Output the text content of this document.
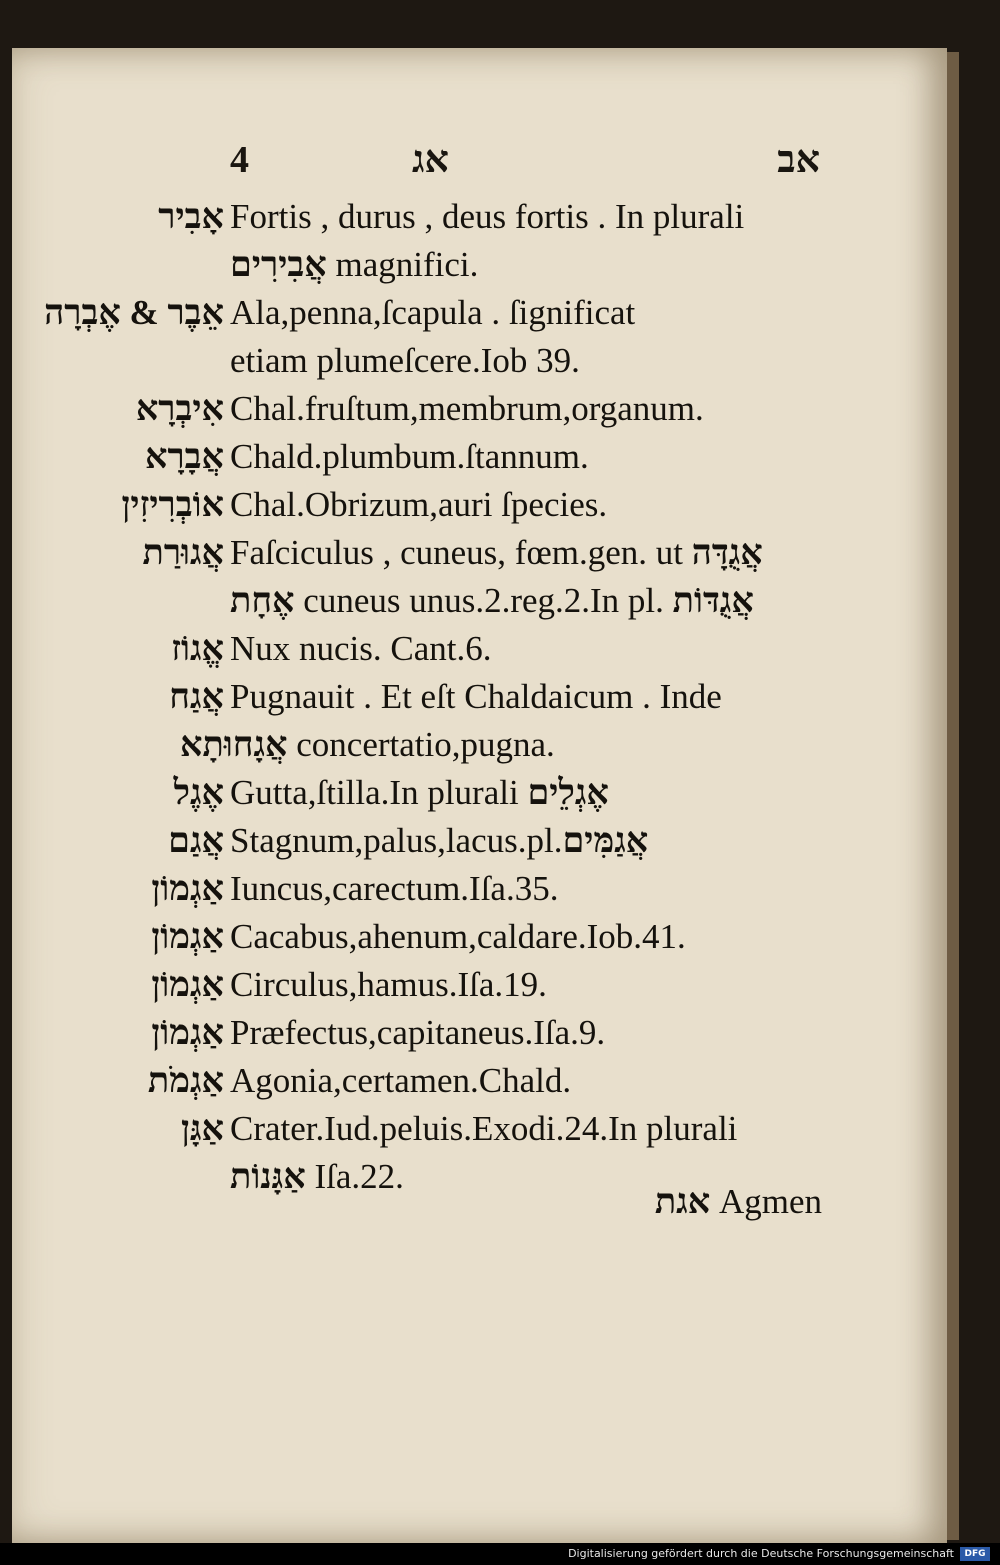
4	אג	אב
אָבִיר Fortis , durus , deus fortis . In plurali
אֲבִירִים magnifici.
אֵבֶר & אֶבְרָה Ala,penna,ſcapula . ſignificat
etiam plumeſcere.Iob 39.
אִיבְרָא Chal.fruſtum,membrum,organum.
אֲבָרָא Chald.plumbum.ſtannum.
אוֹבְרִיזִין Chal.Obrizum,auri ſpecies.
אֲגוּרַת Faſciculus , cuneus, fœm.gen. ut אֲגֻדָּה
אֶחָת cuneus unus.2.reg.2.In pl. אֲגֻדּוֹת
אֱגוֹז Nux nucis. Cant.6.
אֲגַח Pugnauit . Et eſt Chaldaicum . Inde
אֲגָחוּתָא concertatio,pugna.
אֶגֶל Gutta,ſtilla.In plurali אֶגְלֵים
אֲגַם Stagnum,palus,lacus.pl.אֲגַמִּים
אַגְמוֹן Iuncus,carectum.Iſa.35.
אַגְמוֹן Cacabus,ahenum,caldare.Iob.41.
אַגְמוֹן Circulus,hamus.Iſa.19.
אַגְמוֹן Præfectus,capitaneus.Iſa.9.
אַגְמֹת Agonia,certamen.Chald.
אַגָּן Crater.Iud.peluis.Exodi.24.In plurali
אַגָּנוֹת Iſa.22.
אגת Agmen
Digitalisierung gefördert durch die Deutsche Forschungsgemeinschaft	DFG
